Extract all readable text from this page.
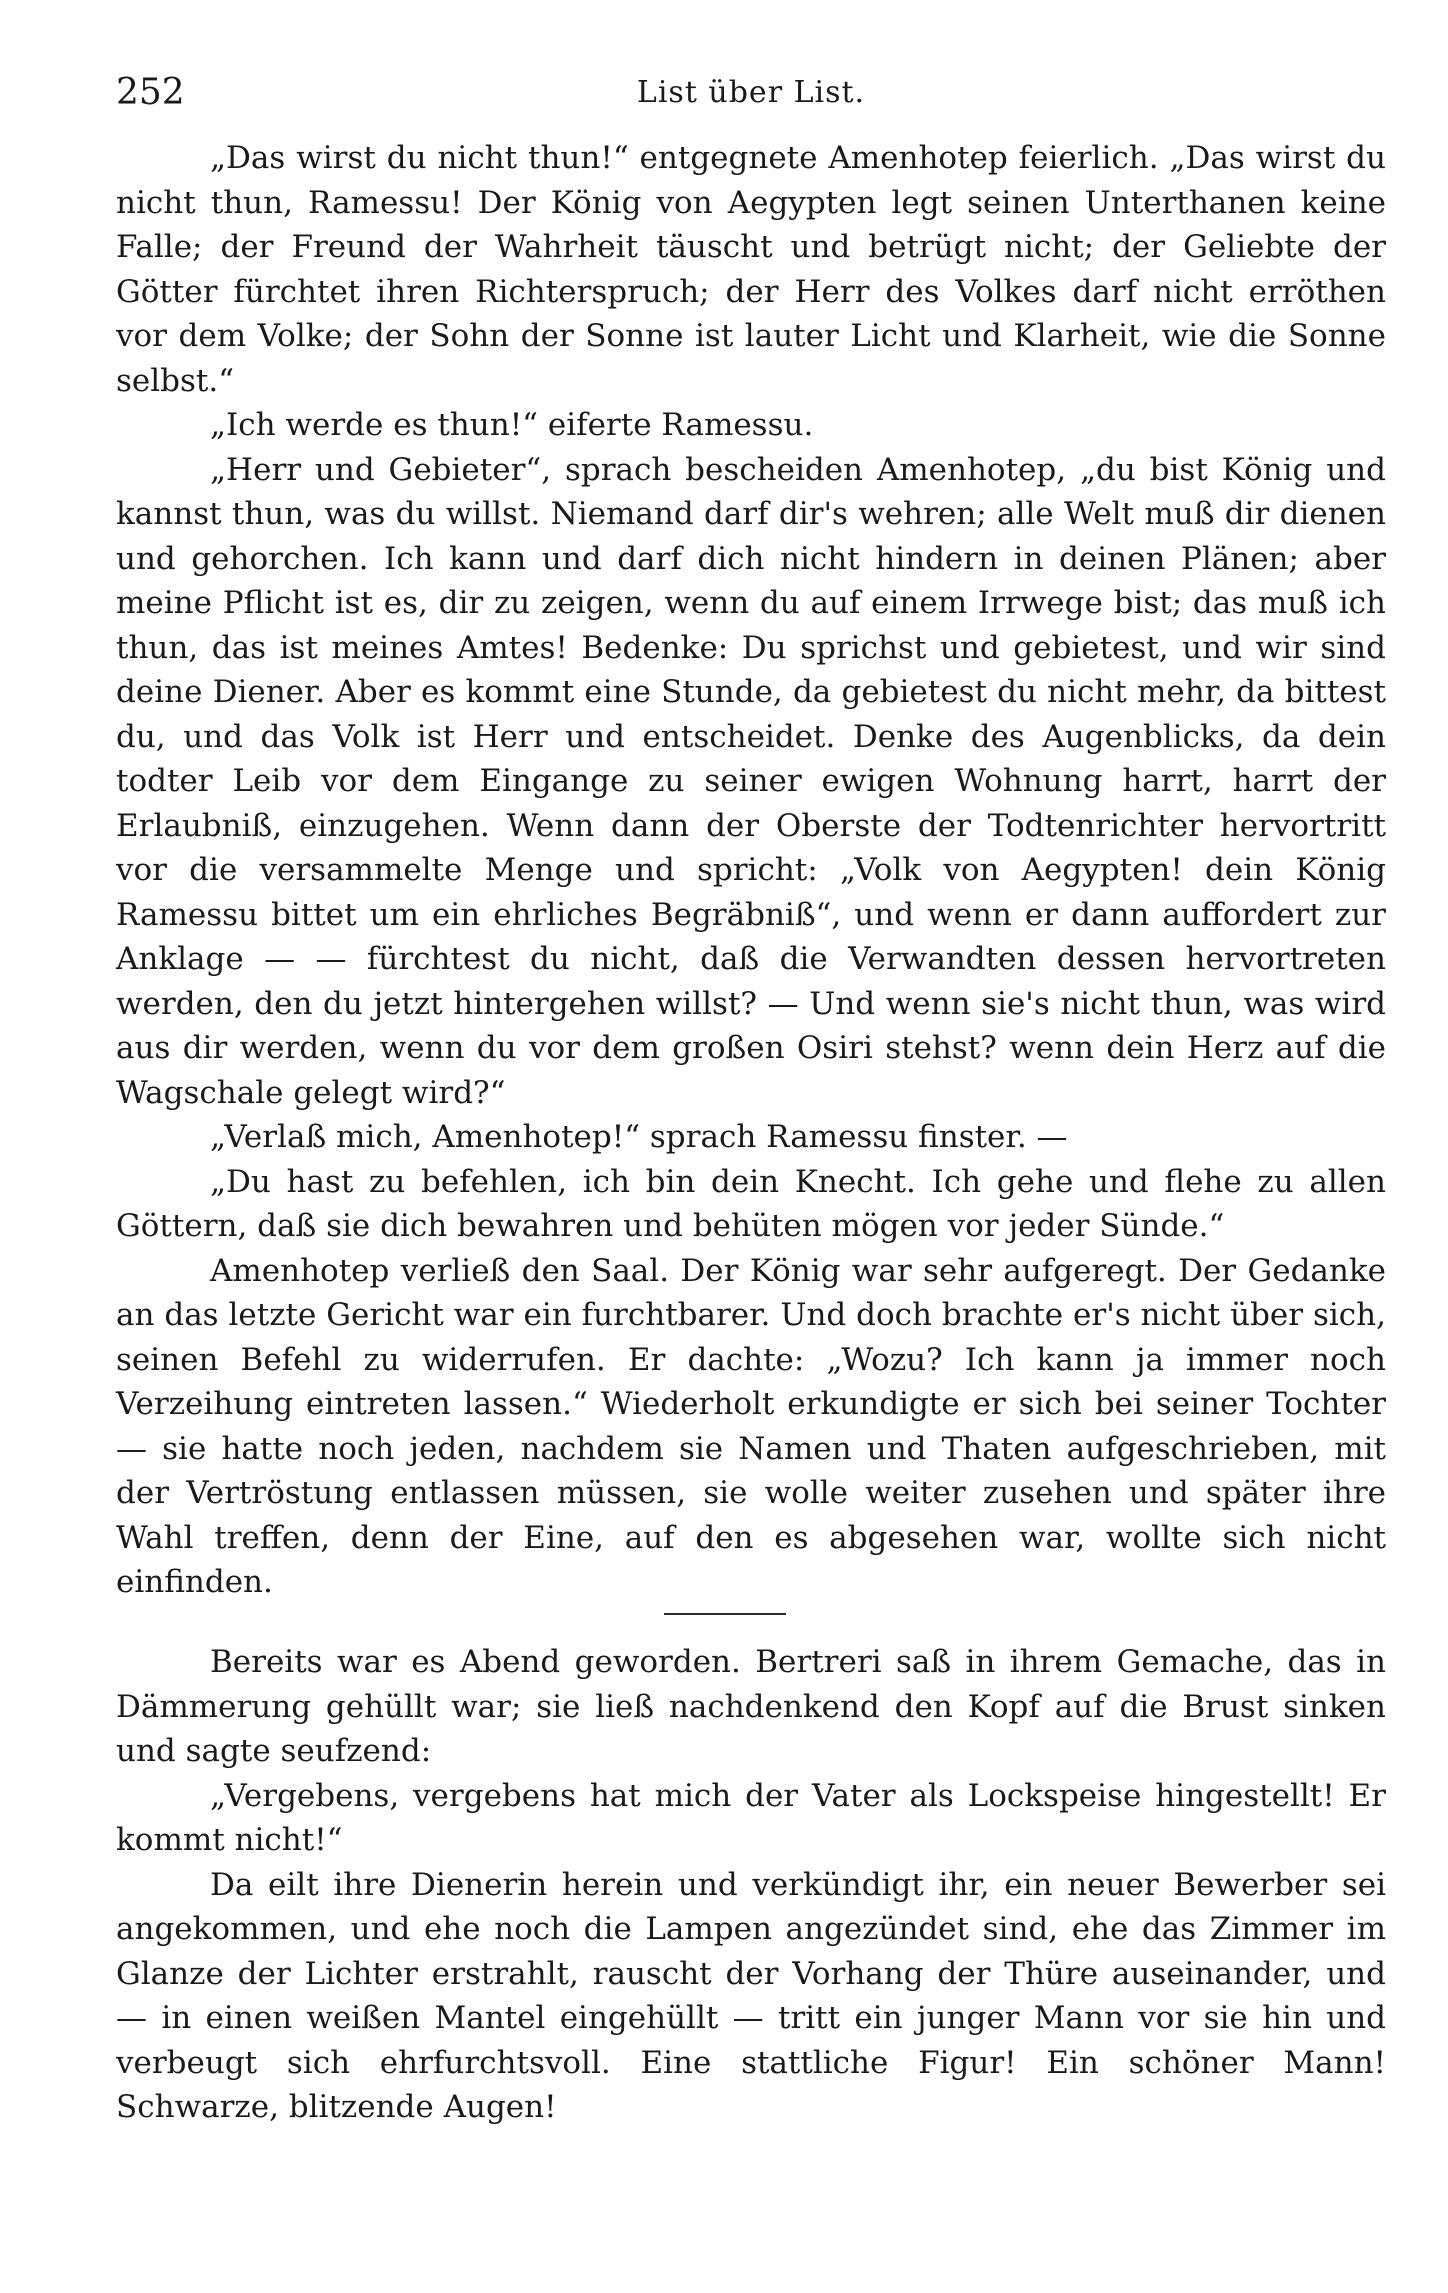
252	List über List.

„Das wirst du nicht thun!“ entgegnete Amenhotep feierlich. „Das wirst du nicht thun, Ramessu! Der König von Aegypten legt seinen Unterthanen keine Falle; der Freund der Wahrheit täuscht und betrügt nicht; der Geliebte der Götter fürchtet ihren Richterspruch; der Herr des Volkes darf nicht erröthen vor dem Volke; der Sohn der Sonne ist lauter Licht und Klarheit, wie die Sonne selbst.“

„Ich werde es thun!“ eiferte Ramessu.

„Herr und Gebieter“, sprach bescheiden Amenhotep, „du bist König und kannst thun, was du willst. Niemand darf dir's wehren; alle Welt muß dir dienen und gehorchen. Ich kann und darf dich nicht hindern in deinen Plänen; aber meine Pflicht ist es, dir zu zeigen, wenn du auf einem Irrwege bist; das muß ich thun, das ist meines Amtes! Bedenke: Du sprichst und gebietest, und wir sind deine Diener. Aber es kommt eine Stunde, da gebietest du nicht mehr, da bittest du, und das Volk ist Herr und entscheidet. Denke des Augenblicks, da dein todter Leib vor dem Eingange zu seiner ewigen Wohnung harrt, harrt der Erlaubniß, einzugehen. Wenn dann der Oberste der Todtenrichter hervortritt vor die versammelte Menge und spricht: „Volk von Aegypten! dein König Ramessu bittet um ein ehrliches Begräbniß“, und wenn er dann auffordert zur Anklage — — fürchtest du nicht, daß die Verwandten dessen hervortreten werden, den du jetzt hintergehen willst? — Und wenn sie's nicht thun, was wird aus dir werden, wenn du vor dem großen Osiri stehst? wenn dein Herz auf die Wagschale gelegt wird?“

„Verlaß mich, Amenhotep!“ sprach Ramessu finster. —

„Du hast zu befehlen, ich bin dein Knecht. Ich gehe und flehe zu allen Göttern, daß sie dich bewahren und behüten mögen vor jeder Sünde.“

Amenhotep verließ den Saal. Der König war sehr aufgeregt. Der Gedanke an das letzte Gericht war ein furchtbarer. Und doch brachte er's nicht über sich, seinen Befehl zu widerrufen. Er dachte: „Wozu? Ich kann ja immer noch Verzeihung eintreten lassen.“ Wiederholt erkundigte er sich bei seiner Tochter — sie hatte noch jeden, nachdem sie Namen und Thaten aufgeschrieben, mit der Vertröstung entlassen müssen, sie wolle weiter zusehen und später ihre Wahl treffen, denn der Eine, auf den es abgesehen war, wollte sich nicht einfinden.

Bereits war es Abend geworden. Bertreri saß in ihrem Gemache, das in Dämmerung gehüllt war; sie ließ nachdenkend den Kopf auf die Brust sinken und sagte seufzend:

„Vergebens, vergebens hat mich der Vater als Lockspeise hingestellt! Er kommt nicht!“

Da eilt ihre Dienerin herein und verkündigt ihr, ein neuer Bewerber sei angekommen, und ehe noch die Lampen angezündet sind, ehe das Zimmer im Glanze der Lichter erstrahlt, rauscht der Vorhang der Thüre auseinander, und — in einen weißen Mantel eingehüllt — tritt ein junger Mann vor sie hin und verbeugt sich ehrfurchtsvoll. Eine stattliche Figur! Ein schöner Mann! Schwarze, blitzende Augen!
